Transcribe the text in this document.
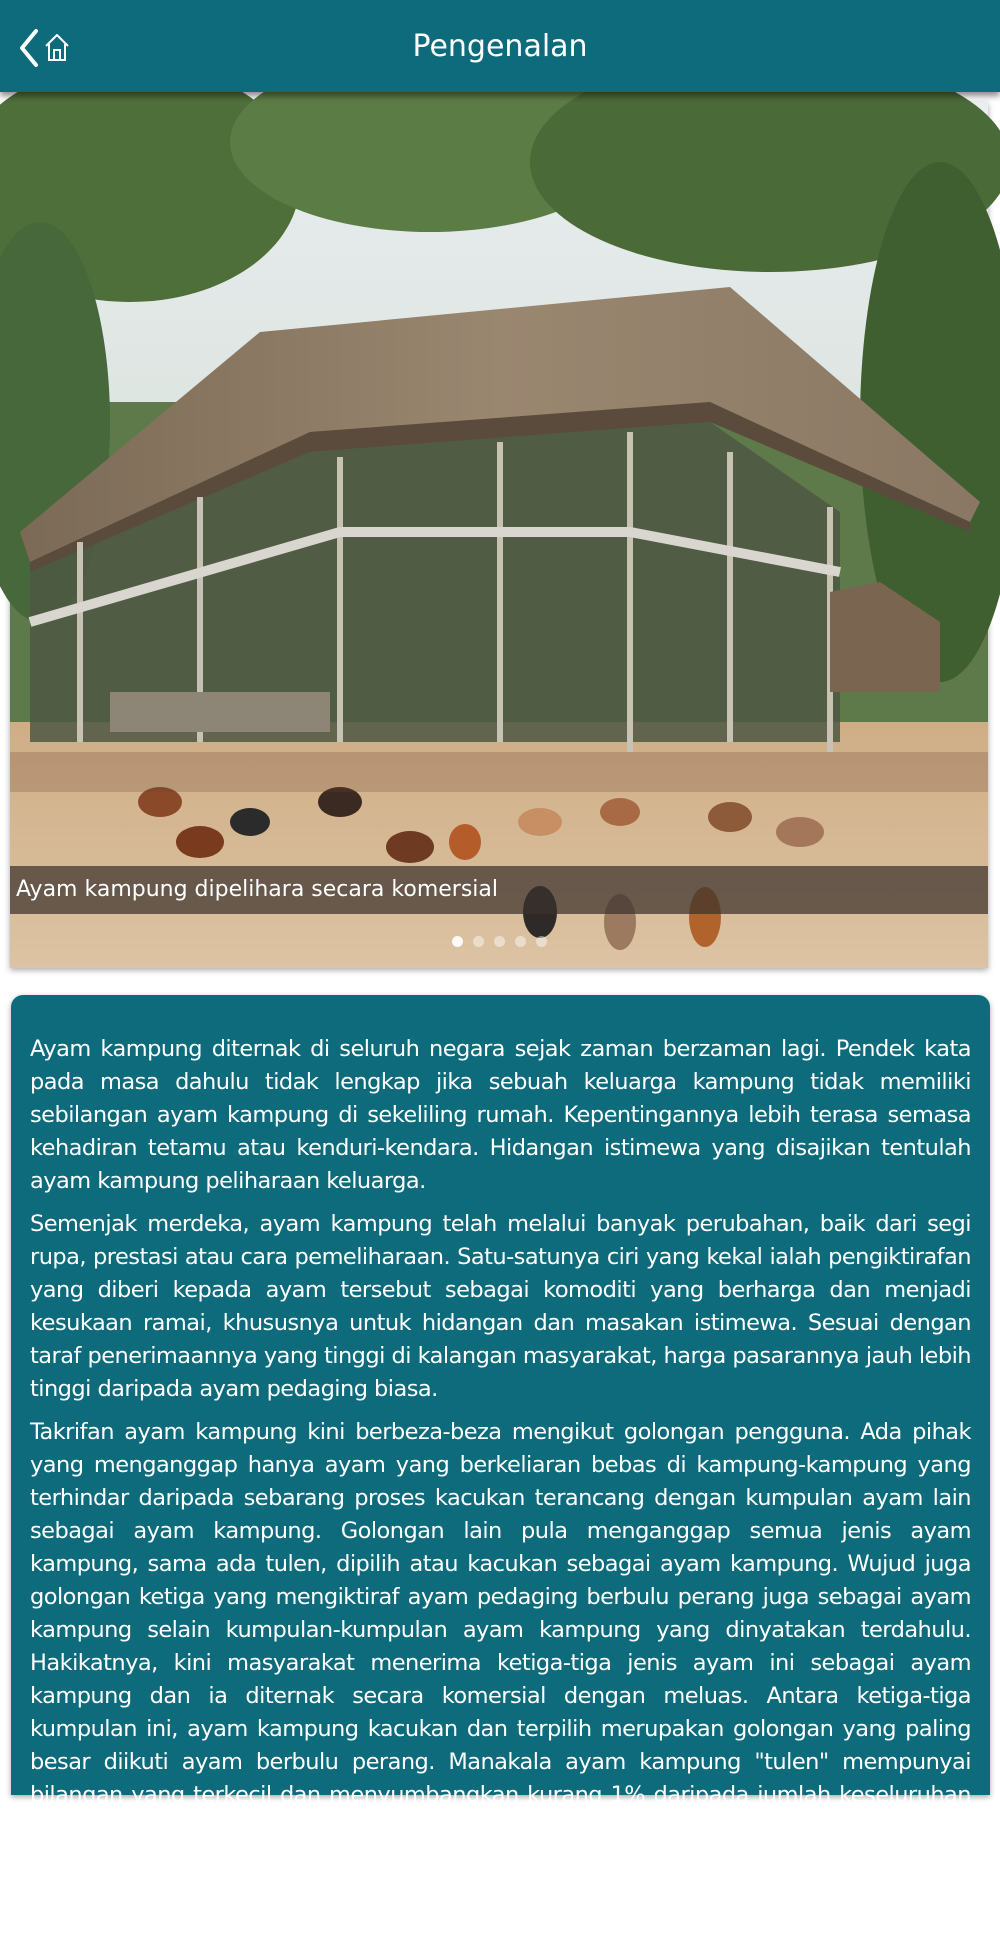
Pengenalan
Ayam kampung dipelihara secara komersial

Ayam kampung diternak di seluruh negara sejak zaman berzaman lagi. Pendek kata pada masa dahulu tidak lengkap jika sebuah keluarga kampung tidak memiliki sebilangan ayam kampung di sekeliling rumah. Kepentingannya lebih terasa semasa kehadiran tetamu atau kenduri-kendara. Hidangan istimewa yang disajikan tentulah ayam kampung peliharaan keluarga.

Semenjak merdeka, ayam kampung telah melalui banyak perubahan, baik dari segi rupa, prestasi atau cara pemeliharaan. Satu-satunya ciri yang kekal ialah pengiktirafan yang diberi kepada ayam tersebut sebagai komoditi yang berharga dan menjadi kesukaan ramai, khususnya untuk hidangan dan masakan istimewa. Sesuai dengan taraf penerimaannya yang tinggi di kalangan masyarakat, harga pasarannya jauh lebih tinggi daripada ayam pedaging biasa.

Takrifan ayam kampung kini berbeza-beza mengikut golongan pengguna. Ada pihak yang menganggap hanya ayam yang berkeliaran bebas di kampung-kampung yang terhindar daripada sebarang proses kacukan terancang dengan kumpulan ayam lain sebagai ayam kampung. Golongan lain pula menganggap semua jenis ayam kampung, sama ada tulen, dipilih atau kacukan sebagai ayam kampung. Wujud juga golongan ketiga yang mengiktiraf ayam pedaging berbulu perang juga sebagai ayam kampung selain kumpulan-kumpulan ayam kampung yang dinyatakan terdahulu. Hakikatnya, kini masyarakat menerima ketiga-tiga jenis ayam ini sebagai ayam kampung dan ia diternak secara komersial dengan meluas. Antara ketiga-tiga kumpulan ini, ayam kampung kacukan dan terpilih merupakan golongan yang paling besar diikuti ayam berbulu perang. Manakala ayam kampung "tulen" mempunyai bilangan yang terkecil dan menyumbangkan kurang 1% daripada jumlah keseluruhan ayam kampung dipasaran.

Walaupun perbezaan ketara wujud dari segi sifat fizikal pada ketiga-tiga kumpulan ayam ini, kaedah penternakannya sebagai sumber daging dalam banyak keadaan adalah serupa.
